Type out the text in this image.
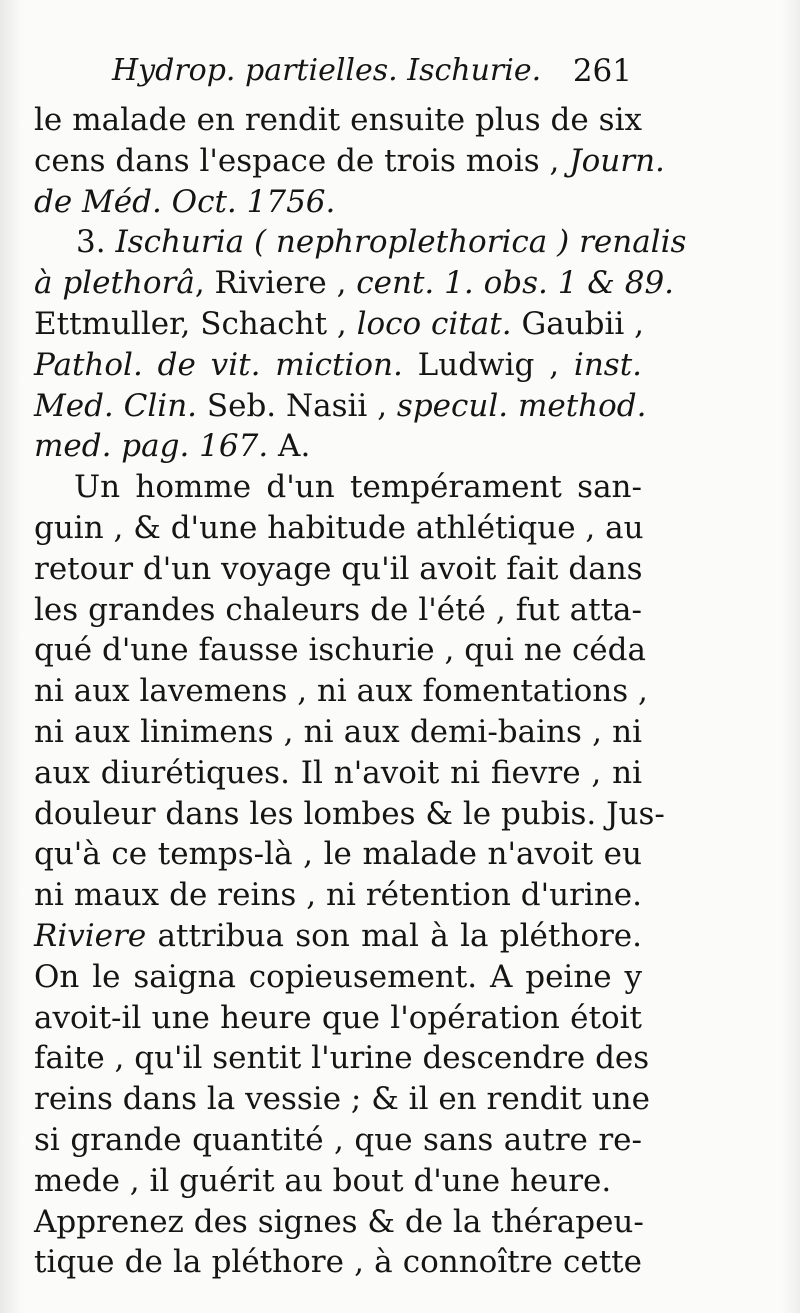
Hydrop. partielles. Ischurie. 261
le malade en rendit ensuite plus de six
cens dans l'espace de trois mois , Journ.
de Méd. Oct. 1756.
3. Ischuria ( nephroplethorica ) renalis
à plethorâ, Riviere , cent. 1. obs. 1 & 89.
Ettmuller, Schacht , loco citat. Gaubii ,
Pathol. de vit. miction. Ludwig , inst.
Med. Clin. Seb. Nasii , specul. method.
med. pag. 167. A.
Un homme d'un tempérament san-
guin , & d'une habitude athlétique , au
retour d'un voyage qu'il avoit fait dans
les grandes chaleurs de l'été , fut atta-
qué d'une fausse ischurie , qui ne céda
ni aux lavemens , ni aux fomentations ,
ni aux linimens , ni aux demi-bains , ni
aux diurétiques. Il n'avoit ni fievre , ni
douleur dans les lombes & le pubis. Jus-
qu'à ce temps-là , le malade n'avoit eu
ni maux de reins , ni rétention d'urine.
Riviere attribua son mal à la pléthore.
On le saigna copieusement. A peine y
avoit-il une heure que l'opération étoit
faite , qu'il sentit l'urine descendre des
reins dans la vessie ; & il en rendit une
si grande quantité , que sans autre re-
mede , il guérit au bout d'une heure.
Apprenez des signes & de la thérapeu-
tique de la pléthore , à connoître cette
